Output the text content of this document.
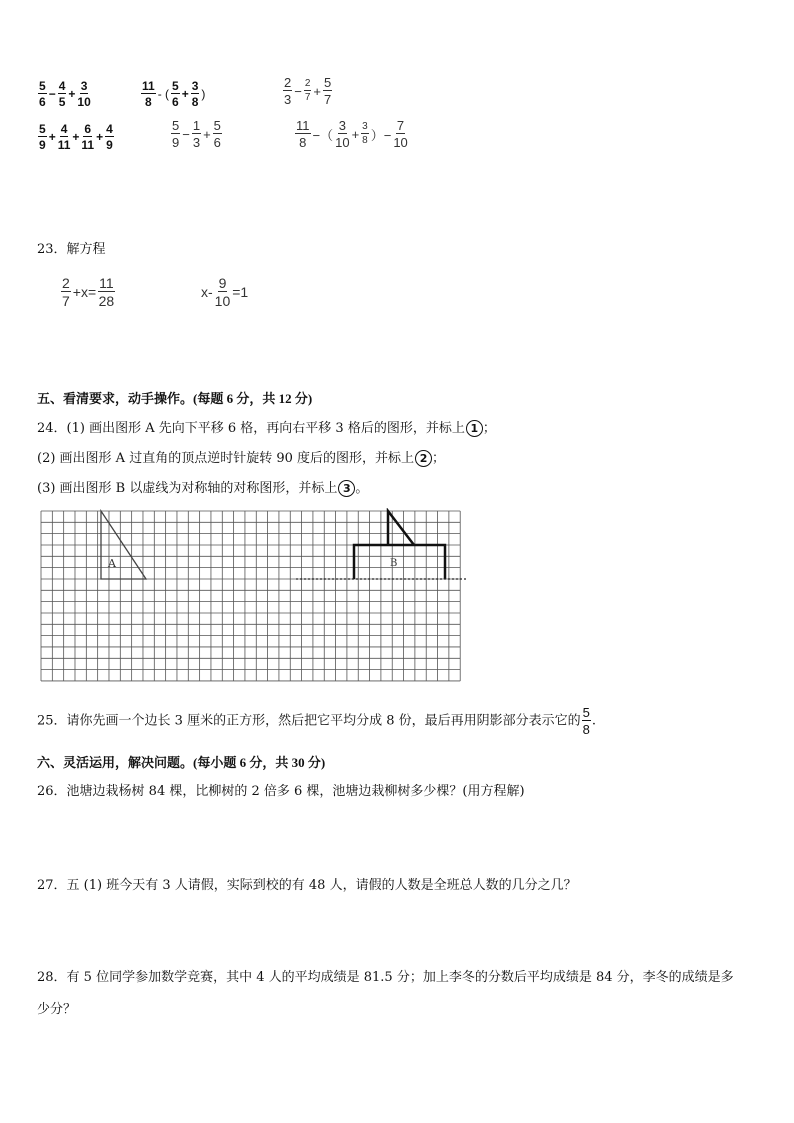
$\frac{5}{6} - \frac{4}{5} + \frac{3}{10}$	$\frac{11}{8}$ - ( $\frac{5}{6} + \frac{3}{8}$ )	$\frac{2}{3} - \frac{2}{7} + \frac{5}{7}$
$\frac{5}{9} + \frac{4}{11} + \frac{6}{11} + \frac{4}{9}$	$\frac{5}{9} - \frac{1}{3} + \frac{5}{6}$	$\frac{11}{8}$ −（ $\frac{3}{10} + \frac{3}{8}$ ）− $\frac{7}{10}$
23．解方程
$\frac{2}{7} +x= \frac{11}{28}$	$x- \frac{9}{10} =1$
五、看清要求，动手操作。(每题 6 分，共 12 分)
24．(1) 画出图形 A 先向下平移 6 格，再向右平移 3 格后的图形，并标上 1 ；
(2) 画出图形 A 过直角的顶点逆时针旋转 90 度后的图形，并标上 2 ；
(3) 画出图形 B 以虚线为对称轴的对称图形，并标上 3 。
A	B
25．请你先画一个边长 3 厘米的正方形，然后把它平均分成 8 份，最后再用阴影部分表示它的 $\frac{5}{8}$ .
六、灵活运用，解决问题。(每小题 6 分，共 30 分)
26．池塘边栽杨树 84 棵，比柳树的 2 倍多 6 棵，池塘边栽柳树多少棵？(用方程解)
27．五 (1) 班今天有 3 人请假，实际到校的有 48 人，请假的人数是全班总人数的几分之几？
28．有 5 位同学参加数学竞赛，其中 4 人的平均成绩是 81.5 分；加上李冬的分数后平均成绩是 84 分，李冬的成绩是多
少分？
